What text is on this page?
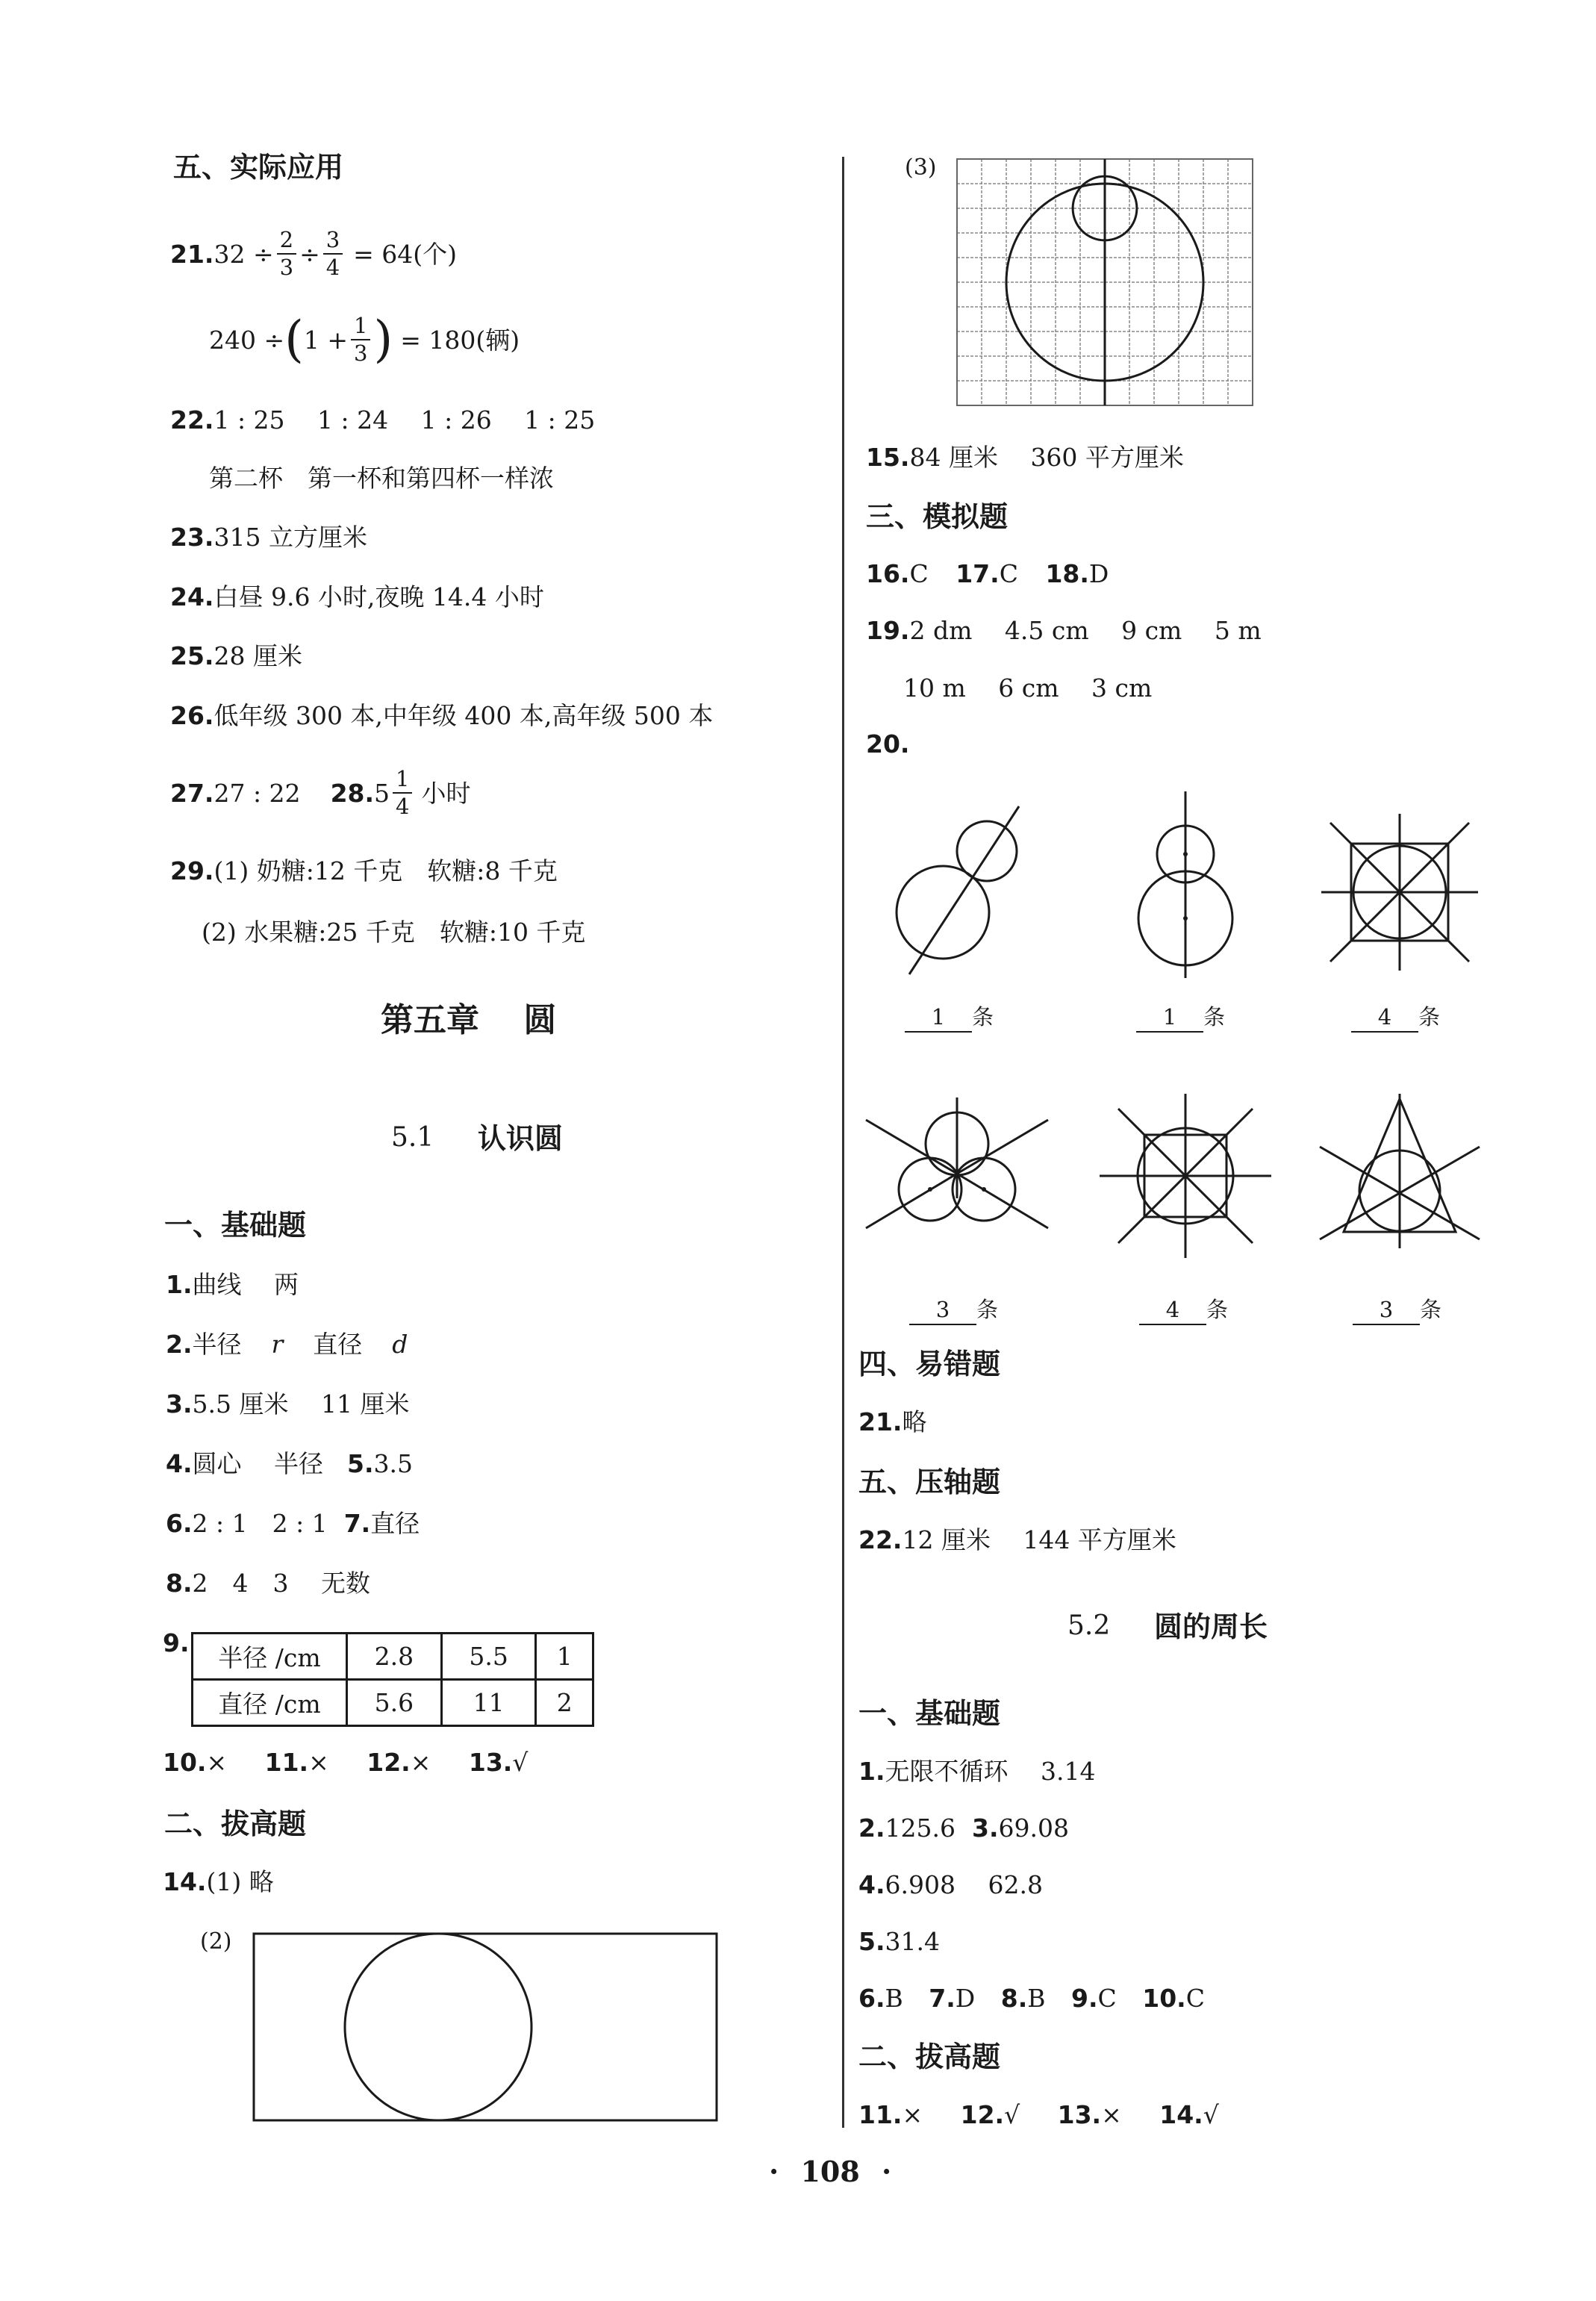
五、实际应用
21. $32 \div \frac{2}{3} \div \frac{3}{4} = 64$(个)
240 ÷ ( $1 + \frac{1}{3}$ ) = 180(辆)
22.1 : 25　 1 : 24　 1 : 26　 1 : 25
第二杯　第一杯和第四杯一样浓
23.315 立方厘米
24.白昼 9.6 小时,夜晚 14.4 小时
25.28 厘米
26.低年级 300 本,中年级 400 本,高年级 500 本
27. 27 : 22 28. $5 \frac{1}{4}$ 小时
29.(1) 奶糖:12 千克　软糖:8 千克
(2) 水果糖:25 千克　软糖:10 千克
第五章　 圆
5.1 认识圆
一、基础题
1.曲线　 两
2.半径 r 直径 d
3.5.5 厘米　 11 厘米
4.圆心　 半径 5.3.5
6.2 : 1　2 : 1 7.直径
8.2　4　3　 无数
9.
半径 /cm	2.8	5.5	1
直径 /cm	5.6	11	2
10.× 11.× 12.× 13.√
二、拔高题
14.(1) 略
(2)
(3)
15.84 厘米　 360 平方厘米
三、模拟题
16.C 17.C 18.D
19.2 dm　 4.5 cm　 9 cm　 5 m
10 m　 6 cm　 3 cm
20.
1 条	1 条	4 条
3 条	4 条	3 条
四、易错题
21.略
五、压轴题
22.12 厘米　 144 平方厘米
5.2 圆的周长
一、基础题
1.无限不循环　 3.14
2.125.6 3.69.08
4.6.908　 62.8
5.31.4
6.B 7.D 8.B 9.C 10.C
二、拔高题
11.× 12.√ 13.× 14.√
· 108 ·
